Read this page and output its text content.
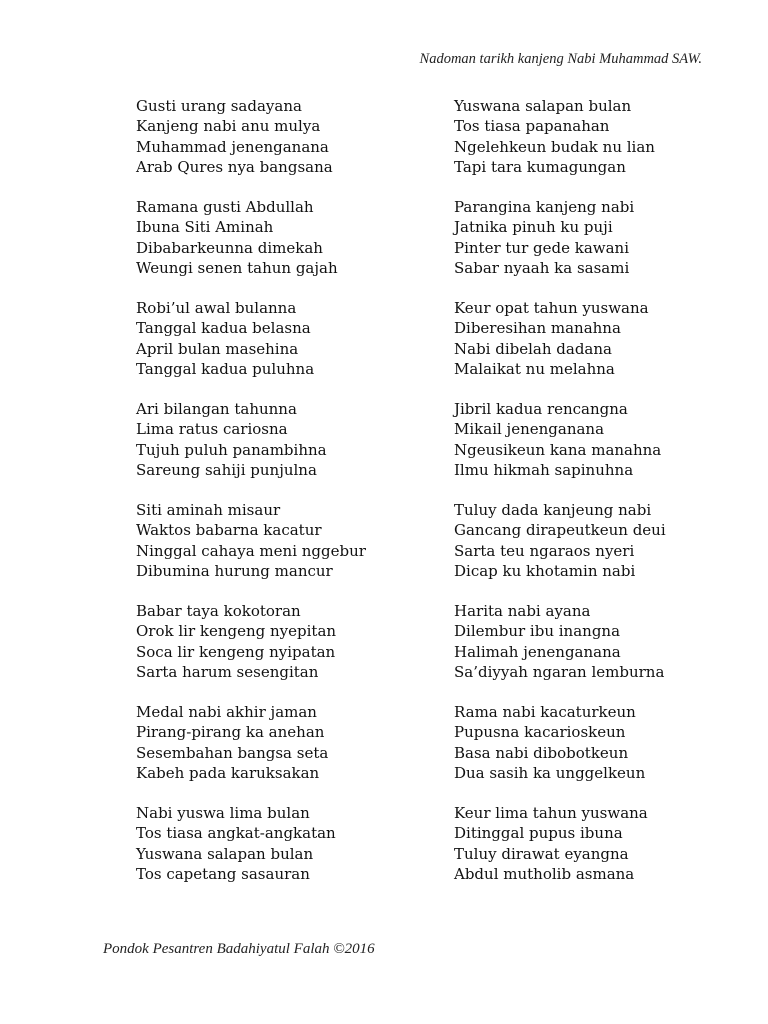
Nadoman tarikh kanjeng Nabi Muhammad SAW.
Gusti urang sadayana
Kanjeng nabi anu mulya
Muhammad jenenganana
Arab Qures nya bangsana
Ramana gusti Abdullah
Ibuna Siti Aminah
Dibabarkeunna dimekah
Weungi senen tahun gajah
Robi’ul awal bulanna
Tanggal kadua belasna
April bulan masehina
Tanggal kadua puluhna
Ari bilangan tahunna
Lima ratus cariosna
Tujuh puluh panambihna
Sareung sahiji punjulna
Siti aminah misaur
Waktos babarna kacatur
Ninggal cahaya meni nggebur
Dibumina hurung mancur
Babar taya kokotoran
Orok lir kengeng nyepitan
Soca lir kengeng nyipatan
Sarta harum sesengitan
Medal nabi akhir jaman
Pirang-pirang ka anehan
Sesembahan bangsa seta
Kabeh pada karuksakan
Nabi yuswa lima bulan
Tos tiasa angkat-angkatan
Yuswana salapan bulan
Tos capetang sasauran
Yuswana salapan bulan
Tos tiasa papanahan
Ngelehkeun budak nu lian
Tapi tara kumagungan
Parangina kanjeng nabi
Jatnika pinuh ku puji
Pinter tur gede kawani
Sabar nyaah ka sasami
Keur opat tahun yuswana
Diberesihan manahna
Nabi dibelah dadana
Malaikat nu melahna
Jibril kadua rencangna
Mikail jenenganana
Ngeusikeun kana manahna
Ilmu hikmah sapinuhna
Tuluy dada kanjeung nabi
Gancang dirapeutkeun deui
Sarta teu ngaraos nyeri
Dicap ku khotamin nabi
Harita nabi ayana
Dilembur ibu inangna
Halimah jenenganana
Sa’diyyah ngaran lemburna
Rama nabi kacaturkeun
Pupusna kacarioskeun
Basa nabi dibobotkeun
Dua sasih ka unggelkeun
Keur lima tahun yuswana
Ditinggal pupus ibuna
Tuluy dirawat eyangna
Abdul mutholib asmana
Pondok Pesantren Badahiyatul Falah ©2016
